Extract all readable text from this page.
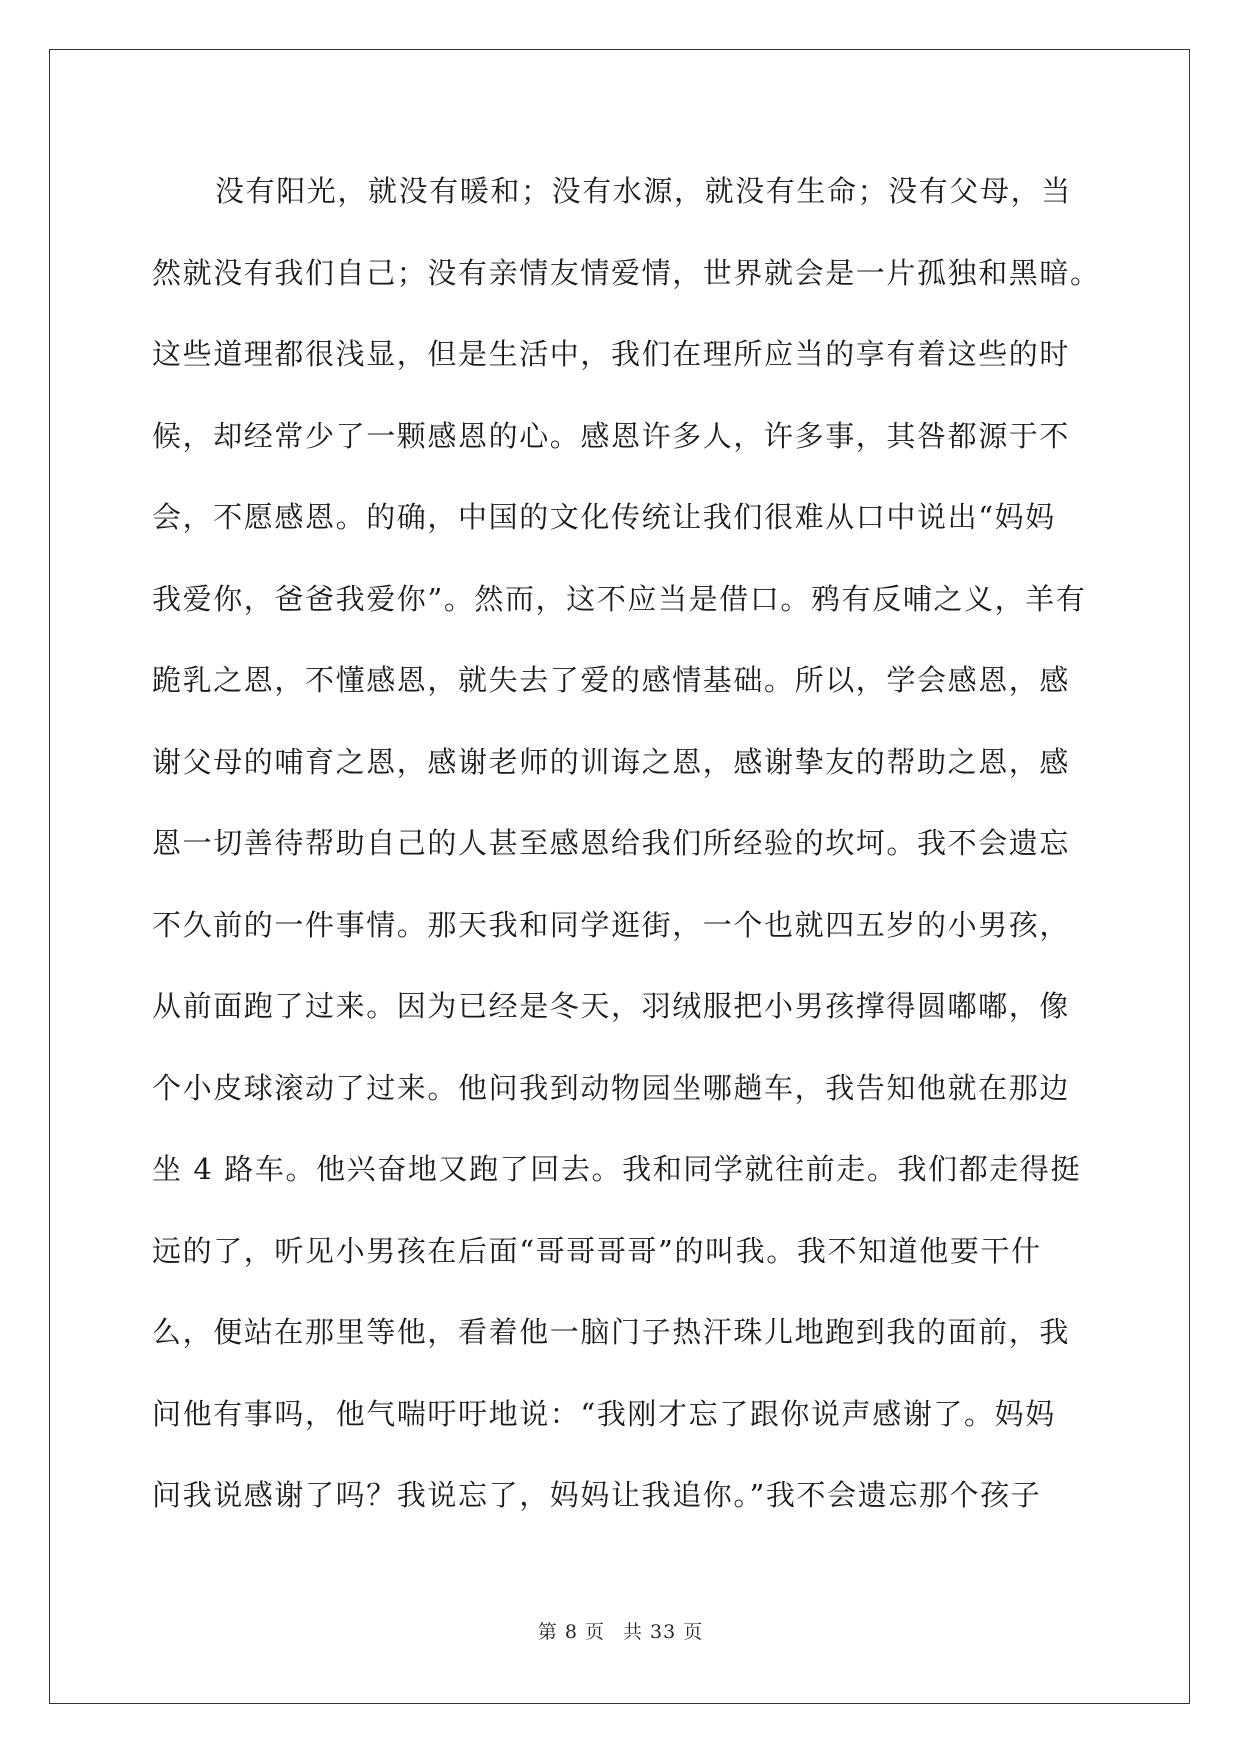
没有阳光，就没有暖和；没有水源，就没有生命；没有父母，当
然就没有我们自己；没有亲情友情爱情，世界就会是一片孤独和黑暗。
这些道理都很浅显，但是生活中，我们在理所应当的享有着这些的时
候，却经常少了一颗感恩的心。感恩许多人，许多事，其咎都源于不
会，不愿感恩。的确，中国的文化传统让我们很难从口中说出“妈妈
我爱你，爸爸我爱你”。然而，这不应当是借口。鸦有反哺之义，羊有
跪乳之恩，不懂感恩，就失去了爱的感情基础。所以，学会感恩，感
谢父母的哺育之恩，感谢老师的训诲之恩，感谢挚友的帮助之恩，感
恩一切善待帮助自己的人甚至感恩给我们所经验的坎坷。我不会遗忘
不久前的一件事情。那天我和同学逛街，一个也就四五岁的小男孩，
从前面跑了过来。因为已经是冬天，羽绒服把小男孩撑得圆嘟嘟，像
个小皮球滚动了过来。他问我到动物园坐哪趟车，我告知他就在那边
坐 4 路车。他兴奋地又跑了回去。我和同学就往前走。我们都走得挺
远的了，听见小男孩在后面“哥哥哥哥”的叫我。我不知道他要干什
么，便站在那里等他，看着他一脑门子热汗珠儿地跑到我的面前，我
问他有事吗，他气喘吁吁地说：“我刚才忘了跟你说声感谢了。妈妈
问我说感谢了吗？我说忘了，妈妈让我追你。”我不会遗忘那个孩子
第 8 页 共 33 页
